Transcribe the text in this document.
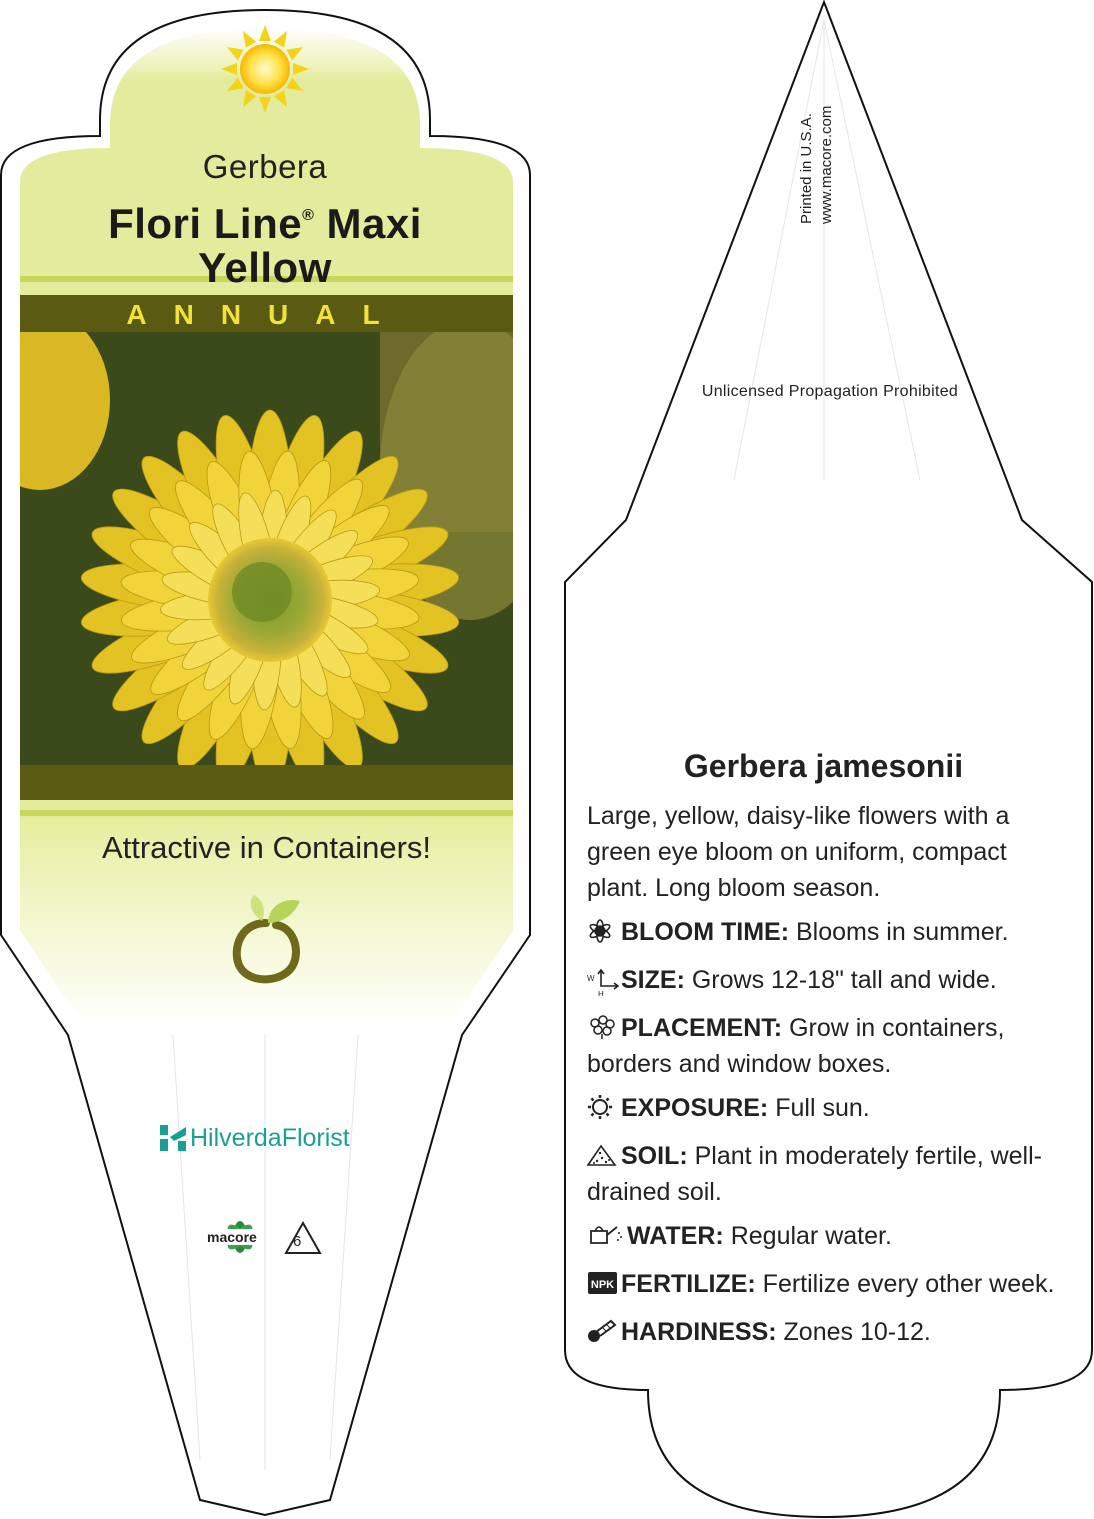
Gerbera
Flori Line® Maxi
Yellow
ANNUAL
Attractive in Containers!
HilverdaFlorist
macore 6
Printed in U.S.A. www.macore.com
Unlicensed Propagation Prohibited
Gerbera jamesonii
Large, yellow, daisy-like flowers with a green eye bloom on uniform, compact plant. Long bloom season.
BLOOM TIME: Blooms in summer.
W
H
SIZE: Grows 12-18" tall and wide.
PLACEMENT: Grow in containers, borders and window boxes.
EXPOSURE: Full sun.
SOIL: Plant in moderately fertile, well-drained soil.
WATER: Regular water.
NPK FERTILIZE: Fertilize every other week.
HARDINESS: Zones 10-12.
